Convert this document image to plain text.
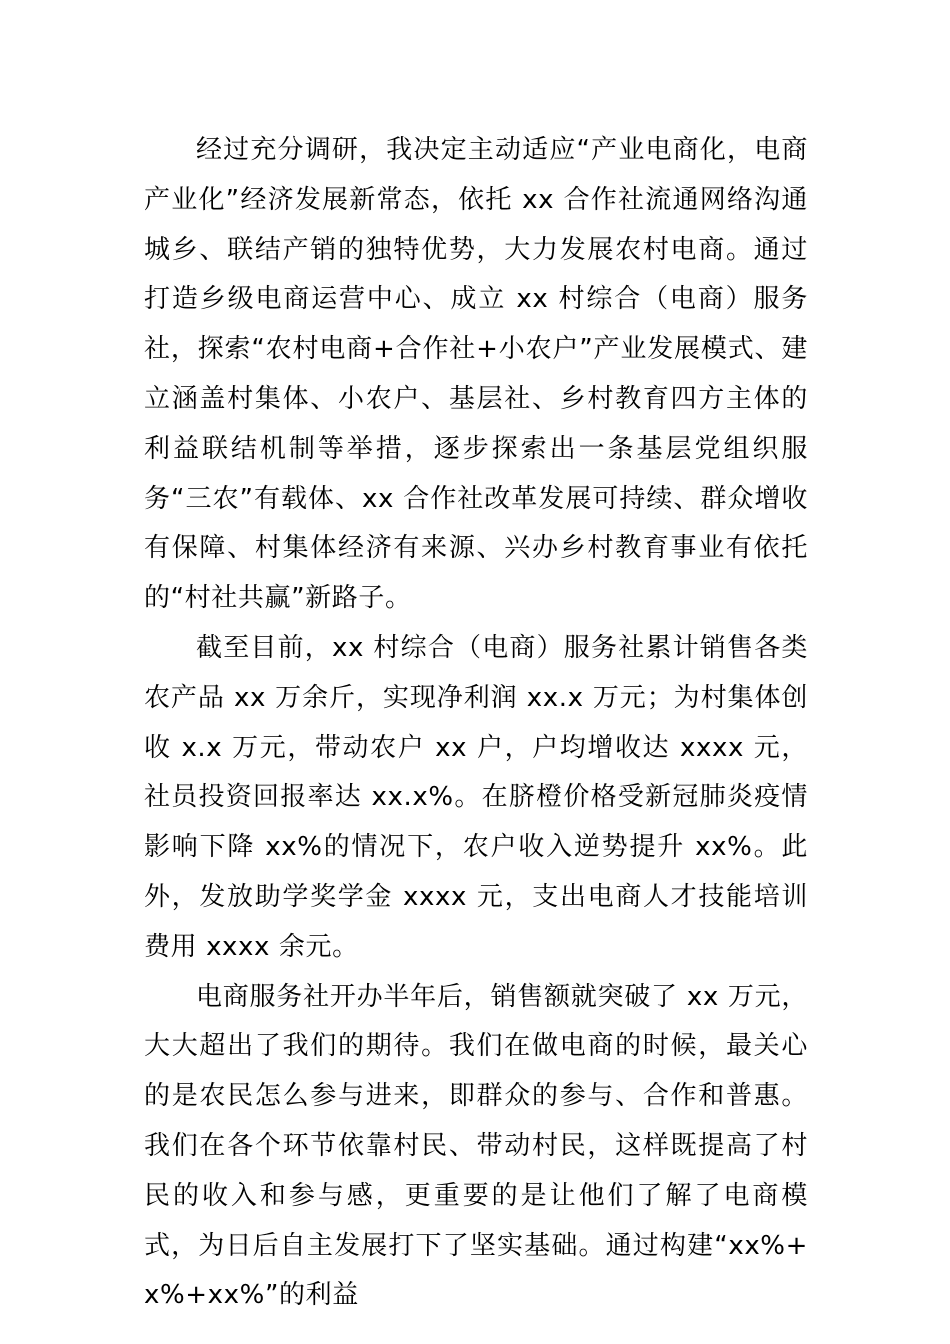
经过充分调研，我决定主动适应“产业电商化，电商产业化”经济发展新常态，依托 xx 合作社流通网络沟通城乡、联结产销的独特优势，大力发展农村电商。通过打造乡级电商运营中心、成立 xx 村综合（电商）服务社，探索“农村电商+合作社+小农户”产业发展模式、建立涵盖村集体、小农户、基层社、乡村教育四方主体的利益联结机制等举措，逐步探索出一条基层党组织服务“三农”有载体、xx 合作社改革发展可持续、群众增收有保障、村集体经济有来源、兴办乡村教育事业有依托的“村社共赢”新路子。

截至目前，xx 村综合（电商）服务社累计销售各类农产品 xx 万余斤，实现净利润 xx.x 万元；为村集体创收 x.x 万元，带动农户 xx 户，户均增收达 xxxx 元，社员投资回报率达 xx.x%。在脐橙价格受新冠肺炎疫情影响下降 xx%的情况下，农户收入逆势提升 xx%。此外，发放助学奖学金 xxxx 元，支出电商人才技能培训费用 xxxx 余元。

电商服务社开办半年后，销售额就突破了 xx 万元，大大超出了我们的期待。我们在做电商的时候，最关心的是农民怎么参与进来，即群众的参与、合作和普惠。我们在各个环节依靠村民、带动村民，这样既提高了村民的收入和参与感，更重要的是让他们了解了电商模式，为日后自主发展打下了坚实基础。通过构建“xx%+x%+xx%”的利益
